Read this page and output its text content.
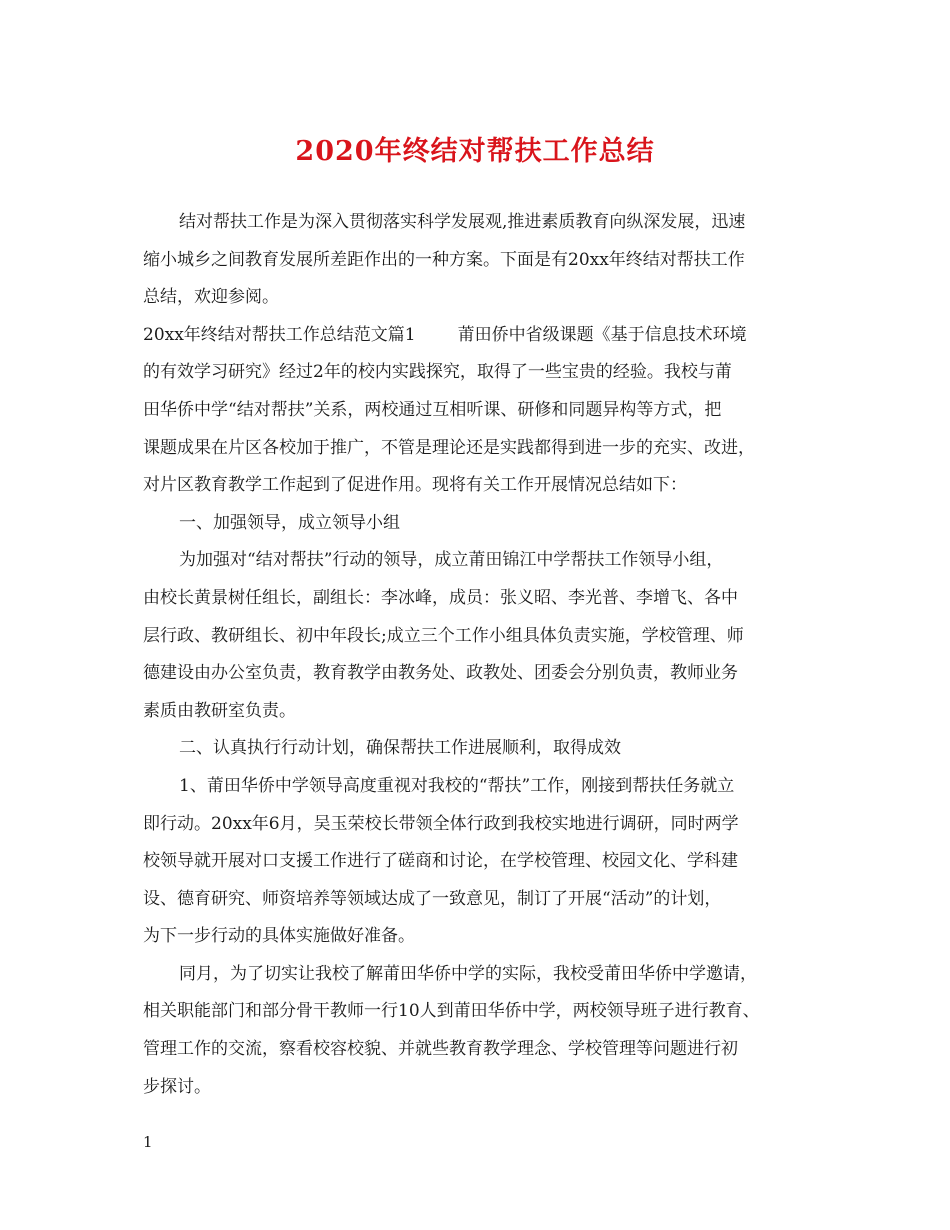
2020年终结对帮扶工作总结
结对帮扶工作是为深入贯彻落实科学发展观,推进素质教育向纵深发展，迅速
缩小城乡之间教育发展所差距作出的一种方案。下面是有20xx年终结对帮扶工作
总结，欢迎参阅。
20xx年终结对帮扶工作总结范文篇1 莆田侨中省级课题《基于信息技术环境
的有效学习研究》经过2年的校内实践探究，取得了一些宝贵的经验。我校与莆
田华侨中学“结对帮扶”关系，两校通过互相听课、研修和同题异构等方式，把
课题成果在片区各校加于推广，不管是理论还是实践都得到进一步的充实、改进，
对片区教育教学工作起到了促进作用。现将有关工作开展情况总结如下：
一、加强领导，成立领导小组
为加强对“结对帮扶”行动的领导，成立莆田锦江中学帮扶工作领导小组，
由校长黄景树任组长，副组长：李冰峰，成员：张义昭、李光普、李增飞、各中
层行政、教研组长、初中年段长;成立三个工作小组具体负责实施，学校管理、师
德建设由办公室负责，教育教学由教务处、政教处、团委会分别负责，教师业务
素质由教研室负责。
二、认真执行行动计划，确保帮扶工作进展顺利，取得成效
1、莆田华侨中学领导高度重视对我校的“帮扶”工作，刚接到帮扶任务就立
即行动。20xx年6月，吴玉荣校长带领全体行政到我校实地进行调研，同时两学
校领导就开展对口支援工作进行了磋商和讨论，在学校管理、校园文化、学科建
设、德育研究、师资培养等领域达成了一致意见，制订了开展“活动”的计划，
为下一步行动的具体实施做好准备。
同月，为了切实让我校了解莆田华侨中学的实际，我校受莆田华侨中学邀请，
相关职能部门和部分骨干教师一行10人到莆田华侨中学，两校领导班子进行教育、
管理工作的交流，察看校容校貌、并就些教育教学理念、学校管理等问题进行初
步探讨。
1
